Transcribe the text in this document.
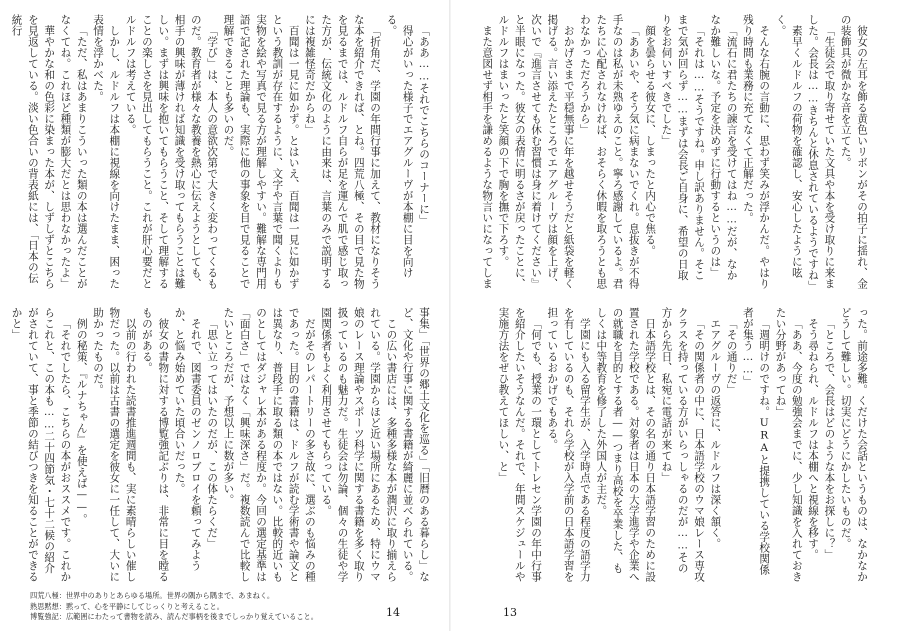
「ああ……それでこちらのコーナーに」

得心がいった様子でエアグルーヴが本棚に目を向ける。

「折角だ、学園の年間行事に加えて、教材になりそうな本を紹介できれば、とね。四荒八極、その目で見た物を見るまでは、ルドルフ自らが足を運んで肌で感じ取った方が、伝統文化のように由来は、言葉のみで説明するには複雑怪奇だからね」

百聞は一見に如かず。とはいえ、百聞は一見に如かずという教訓が存在するように、文字や言葉で聞くよりも実物を絵や写真で見る方が理解しやすい。難解な専門用語で記された理論も、実際に他の事象を目で見ることで理解できることも多いのだ。

「学び」は、本人の意欲次第で大きく変わってくるものだ。教育者が様々な教養を熱心に伝えようとしても、相手の興味が薄ければ知識を受け取ってもらうことは難しい。まずは興味を抱いてもらうこと、そして理解することの楽しさを見出してもらうこと。これが肝心要だとルドルフは考えている。

しかし、ルドルフは本棚に視線を向けたまま、困った表情を浮かべた。

「ただ、私はあまりこういった類の本は選んだことがなくてね。これほど種類が膨大だとは思わなかったよ」

華やかな和の色彩に染まった本が、しずしずとこちらを見返している。淡い色合いの背表紙には、「日本の伝統行

事集」「世界の郷土文化を巡る」「旧暦のある暮らし」など、文化や行事に関する書籍が綺麗に並べられている。

この広い書店には、多種多様な本が潤沢に取り揃えられている。学園からほど近い場所にあるため、特にウマ娘のレース理論やスポーツ科学に関する書籍を多く取り扱っているのも魅力だ。生徒会は勿論、個々の生徒や学園関係者もよく利用させてもらっている。

だがそのレパートリーの多さ故に、選ぶのも悩みの種であった。目的の書籍は、ドルフが読む学術書や論文とは異なり、普段手に取る類の本ではない。比較的近いものとしてはダジャレ本がある程度か。今回の選定基準は「面白さ」ではなく「興味深さ」だ。複数読んで比較したいところだが、予想以上に数が多い。

「思い立ってはいたのだが、この体たらくだ」

それで、図書委員のゼンノロブロイを頼ってみようか、と悩み始めていた頃合いだった。

彼女の書物に対する博覧強記ぶりは、非常に目を瞠るものがある。

以前の行われた読書推進週間も、実に素晴らしい催し物だった。以前は古書の選定を彼女に一任して、大いに助かったものだ。

例の秘策、『ルナちゃん』を使えば——。

「それでしたら、こちらの本がおススメです。これからこれと、この本も……二十四節気・七十二候の紹介がされていて、事と季節の結びつきを知ることができるかと」

四荒八極：世界中のありとあらゆる場所。世界の隅から隅まで、あまねく。
熟思黙想：黙って、心を平静にしてじっくりと考えること。
博覧強記：広範囲にわたって書物を読み、読んだ事柄を後までしっかり覚えていること。	14

彼女の左耳を飾る黄色いリボンがその拍子に揺れ、金の装飾具が微かな音を立てた。

「生徒会で取り寄せていた文具や本を受け取りに来ました。会長は……きちんと休息されているようですね」

素早くルドルフの荷物を確認し、安心したように呟く。

そんな右腕の言動に、思わず笑みが浮かんだ。やはり残り時間も業務に充てなくて正解だった。

「流石に君たちの諫言を受けてはね……だが、なかなか難しいな。予定を決めずに行動するというのは」

「それは……そうですね。申し訳ありません。そこまで気が回らず……まずは会長ご自身に、希望の日取りをお伺いすべきでした」

顔を曇らせる彼女に、しまったと内心で焦る。

「ああいや、そう気に病まないでくれ。息抜きが不得手なのは私が未熟ゆえのこと。寧ろ感謝しているよ。君たちに心配されなければ、おそらく休暇を取ろうとも思わなかっただろうから」

おかげさまで平穏無事に年を越せそうだと紙袋を軽く掲げる。言い添えたところでエアグルーヴは顔を上げ、次いで『進言させても休む習慣は身に着けてください』と半眼になった。彼女の表情に明るさが戻ったことに、ルドルフはまいったと笑顔の下で胸を撫で下ろす。

また意図せず相手を謙めるような物言いになってしま

った。前途多難。くだけた会話というものは、なかなかどうして難しい。切実にどうにかしたいものだ。

「ところで、会長はどのような本をお探しに？」

そう尋ねられ、ルドルフは本棚へと視線を移す。

「ああ、今度の勉強会までに、少し知識を入れておきたい分野があってね」

「週明けのですね。URAと提携している学校関係者が集う……」

「その通りだ」

エアグルーヴの返答に、ルドルフは深く頷く。

「その関係者の中に、日本語学校のウマ娘レース専攻クラスを持っている方がいらっしゃるのだが……その方から先日、私宛に電話が来てね」

日本語学校とは、その名の通り日本語学習のために設置された学校である。対象者は日本の大学進学や企業への就職を目的とする者——つまり高校を卒業した、もしくは中等教育を修了した外国人が主だ。

学園にも入る留学生が、入学時点である程度の語学力を有しているのも、それら学校が入学前の日本語学習を担っているおかげでもある。

「何でも、授業の一環としてトレセン学園の年中行事を紹介したいそうなんだ。それで、年間スケジュールや実施方法をぜひ教えてほしい、と」

13
